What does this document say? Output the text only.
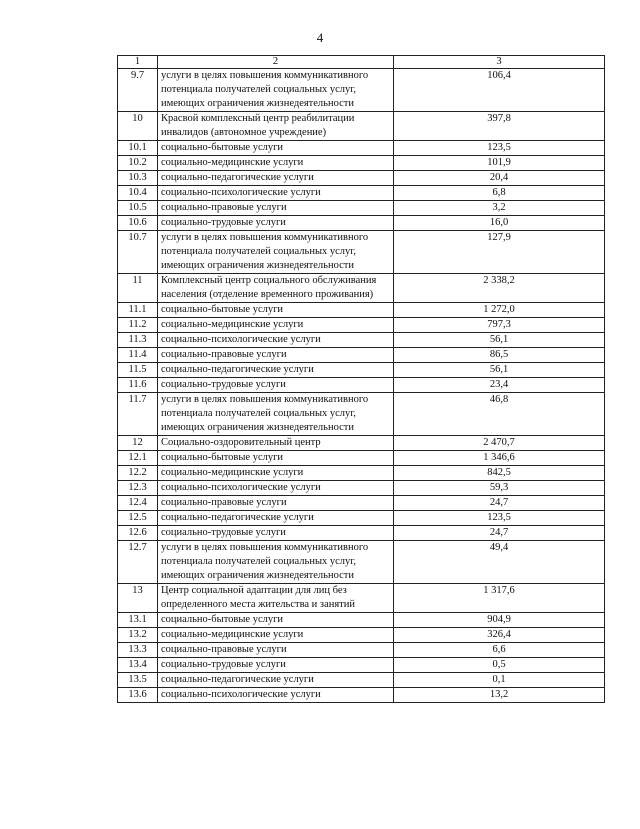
4
1	2	3
9.7	услуги в целях повышения коммуникативного потенциала получателей социальных услуг, имеющих ограничения жизнедеятельности	106,4
10	Красвой комплексный центр реабилитации инвалидов (автономное учреждение)	397,8
10.1	социально-бытовые услуги	123,5
10.2	социально-медицинские услуги	101,9
10.3	социально-педагогические услуги	20,4
10.4	социально-психологические услуги	6,8
10.5	социально-правовые услуги	3,2
10.6	социально-трудовые услуги	16,0
10.7	услуги в целях повышения коммуникативного потенциала получателей социальных услуг, имеющих ограничения жизнедеятельности	127,9
11	Комплексный центр социального обслуживания населения (отделение временного проживания)	2 338,2
11.1	социально-бытовые услуги	1 272,0
11.2	социально-медицинские услуги	797,3
11.3	социально-психологические услуги	56,1
11.4	социально-правовые услуги	86,5
11.5	социально-педагогические услуги	56,1
11.6	социально-трудовые услуги	23,4
11.7	услуги в целях повышения коммуникативного потенциала получателей социальных услуг, имеющих ограничения жизнедеятельности	46,8
12	Социально-оздоровительный центр	2 470,7
12.1	социально-бытовые услуги	1 346,6
12.2	социально-медицинские услуги	842,5
12.3	социально-психологические услуги	59,3
12.4	социально-правовые услуги	24,7
12.5	социально-педагогические услуги	123,5
12.6	социально-трудовые услуги	24,7
12.7	услуги в целях повышения коммуникативного потенциала получателей социальных услуг, имеющих ограничения жизнедеятельности	49,4
13	Центр социальной адаптации для лиц без определенного места жительства и занятий	1 317,6
13.1	социально-бытовые услуги	904,9
13.2	социально-медицинские услуги	326,4
13.3	социально-правовые услуги	6,6
13.4	социально-трудовые услуги	0,5
13.5	социально-педагогические услуги	0,1
13.6	социально-психологические услуги	13,2
